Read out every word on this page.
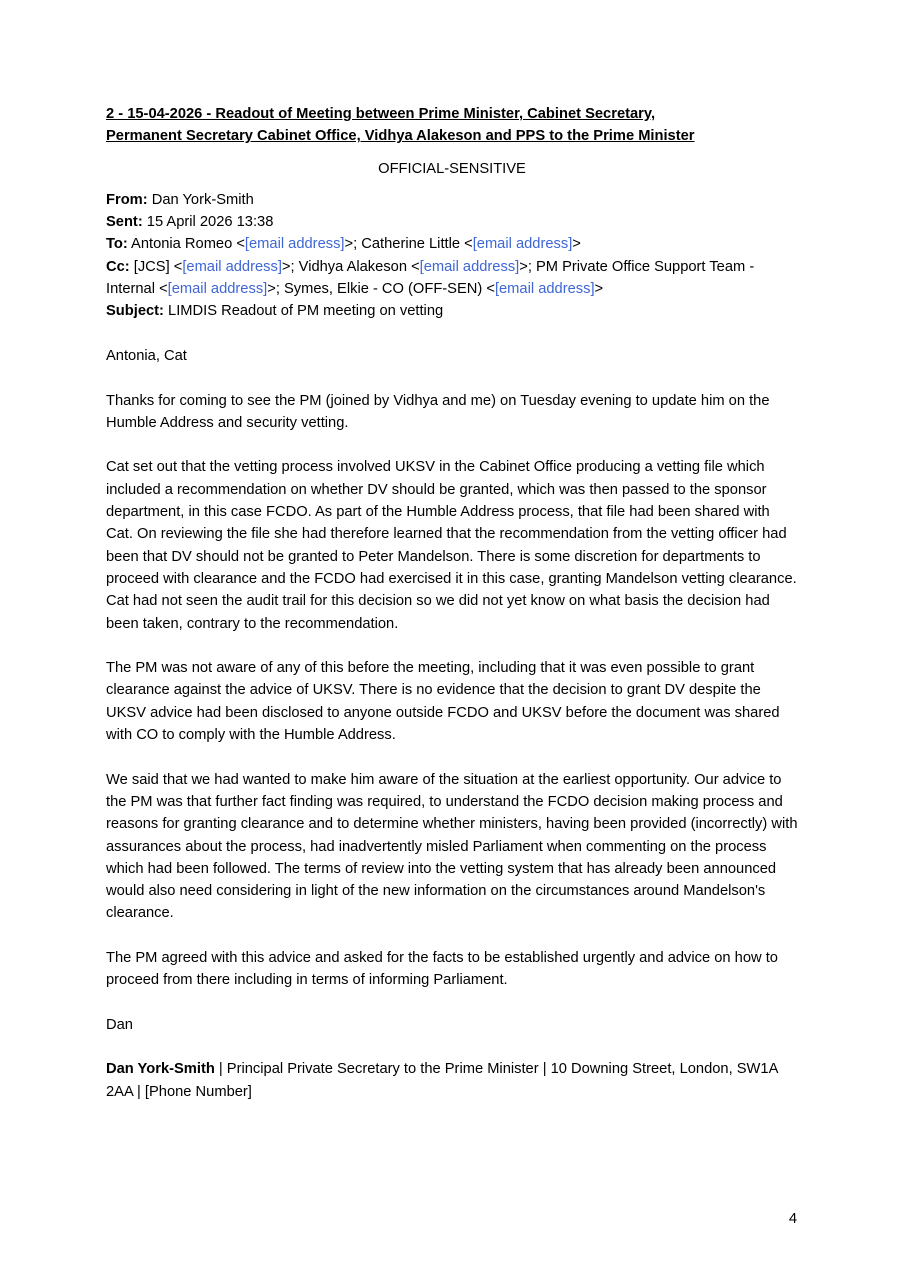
2 - 15-04-2026 - Readout of Meeting between Prime Minister, Cabinet Secretary,
Permanent Secretary Cabinet Office, Vidhya Alakeson and PPS to the Prime Minister
OFFICIAL-SENSITIVE
From: Dan York-Smith
Sent: 15 April 2026 13:38
To: Antonia Romeo <[email address]>; Catherine Little <[email address]>
Cc: [JCS] <[email address]>; Vidhya Alakeson <[email address]>; PM Private Office Support Team - Internal <[email address]>; Symes, Elkie - CO (OFF-SEN) <[email address]>
Subject: LIMDIS Readout of PM meeting on vetting
Antonia, Cat
Thanks for coming to see the PM (joined by Vidhya and me) on Tuesday evening to update him on the Humble Address and security vetting.
Cat set out that the vetting process involved UKSV in the Cabinet Office producing a vetting file which included a recommendation on whether DV should be granted, which was then passed to the sponsor department, in this case FCDO. As part of the Humble Address process, that file had been shared with Cat. On reviewing the file she had therefore learned that the recommendation from the vetting officer had been that DV should not be granted to Peter Mandelson. There is some discretion for departments to proceed with clearance and the FCDO had exercised it in this case, granting Mandelson vetting clearance. Cat had not seen the audit trail for this decision so we did not yet know on what basis the decision had been taken, contrary to the recommendation.
The PM was not aware of any of this before the meeting, including that it was even possible to grant clearance against the advice of UKSV. There is no evidence that the decision to grant DV despite the UKSV advice had been disclosed to anyone outside FCDO and UKSV before the document was shared with CO to comply with the Humble Address.
We said that we had wanted to make him aware of the situation at the earliest opportunity. Our advice to the PM was that further fact finding was required, to understand the FCDO decision making process and reasons for granting clearance and to determine whether ministers, having been provided (incorrectly) with assurances about the process, had inadvertently misled Parliament when commenting on the process which had been followed. The terms of review into the vetting system that has already been announced would also need considering in light of the new information on the circumstances around Mandelson's clearance.
The PM agreed with this advice and asked for the facts to be established urgently and advice on how to proceed from there including in terms of informing Parliament.
Dan
Dan York-Smith | Principal Private Secretary to the Prime Minister | 10 Downing Street, London, SW1A 2AA | [Phone Number]
4
